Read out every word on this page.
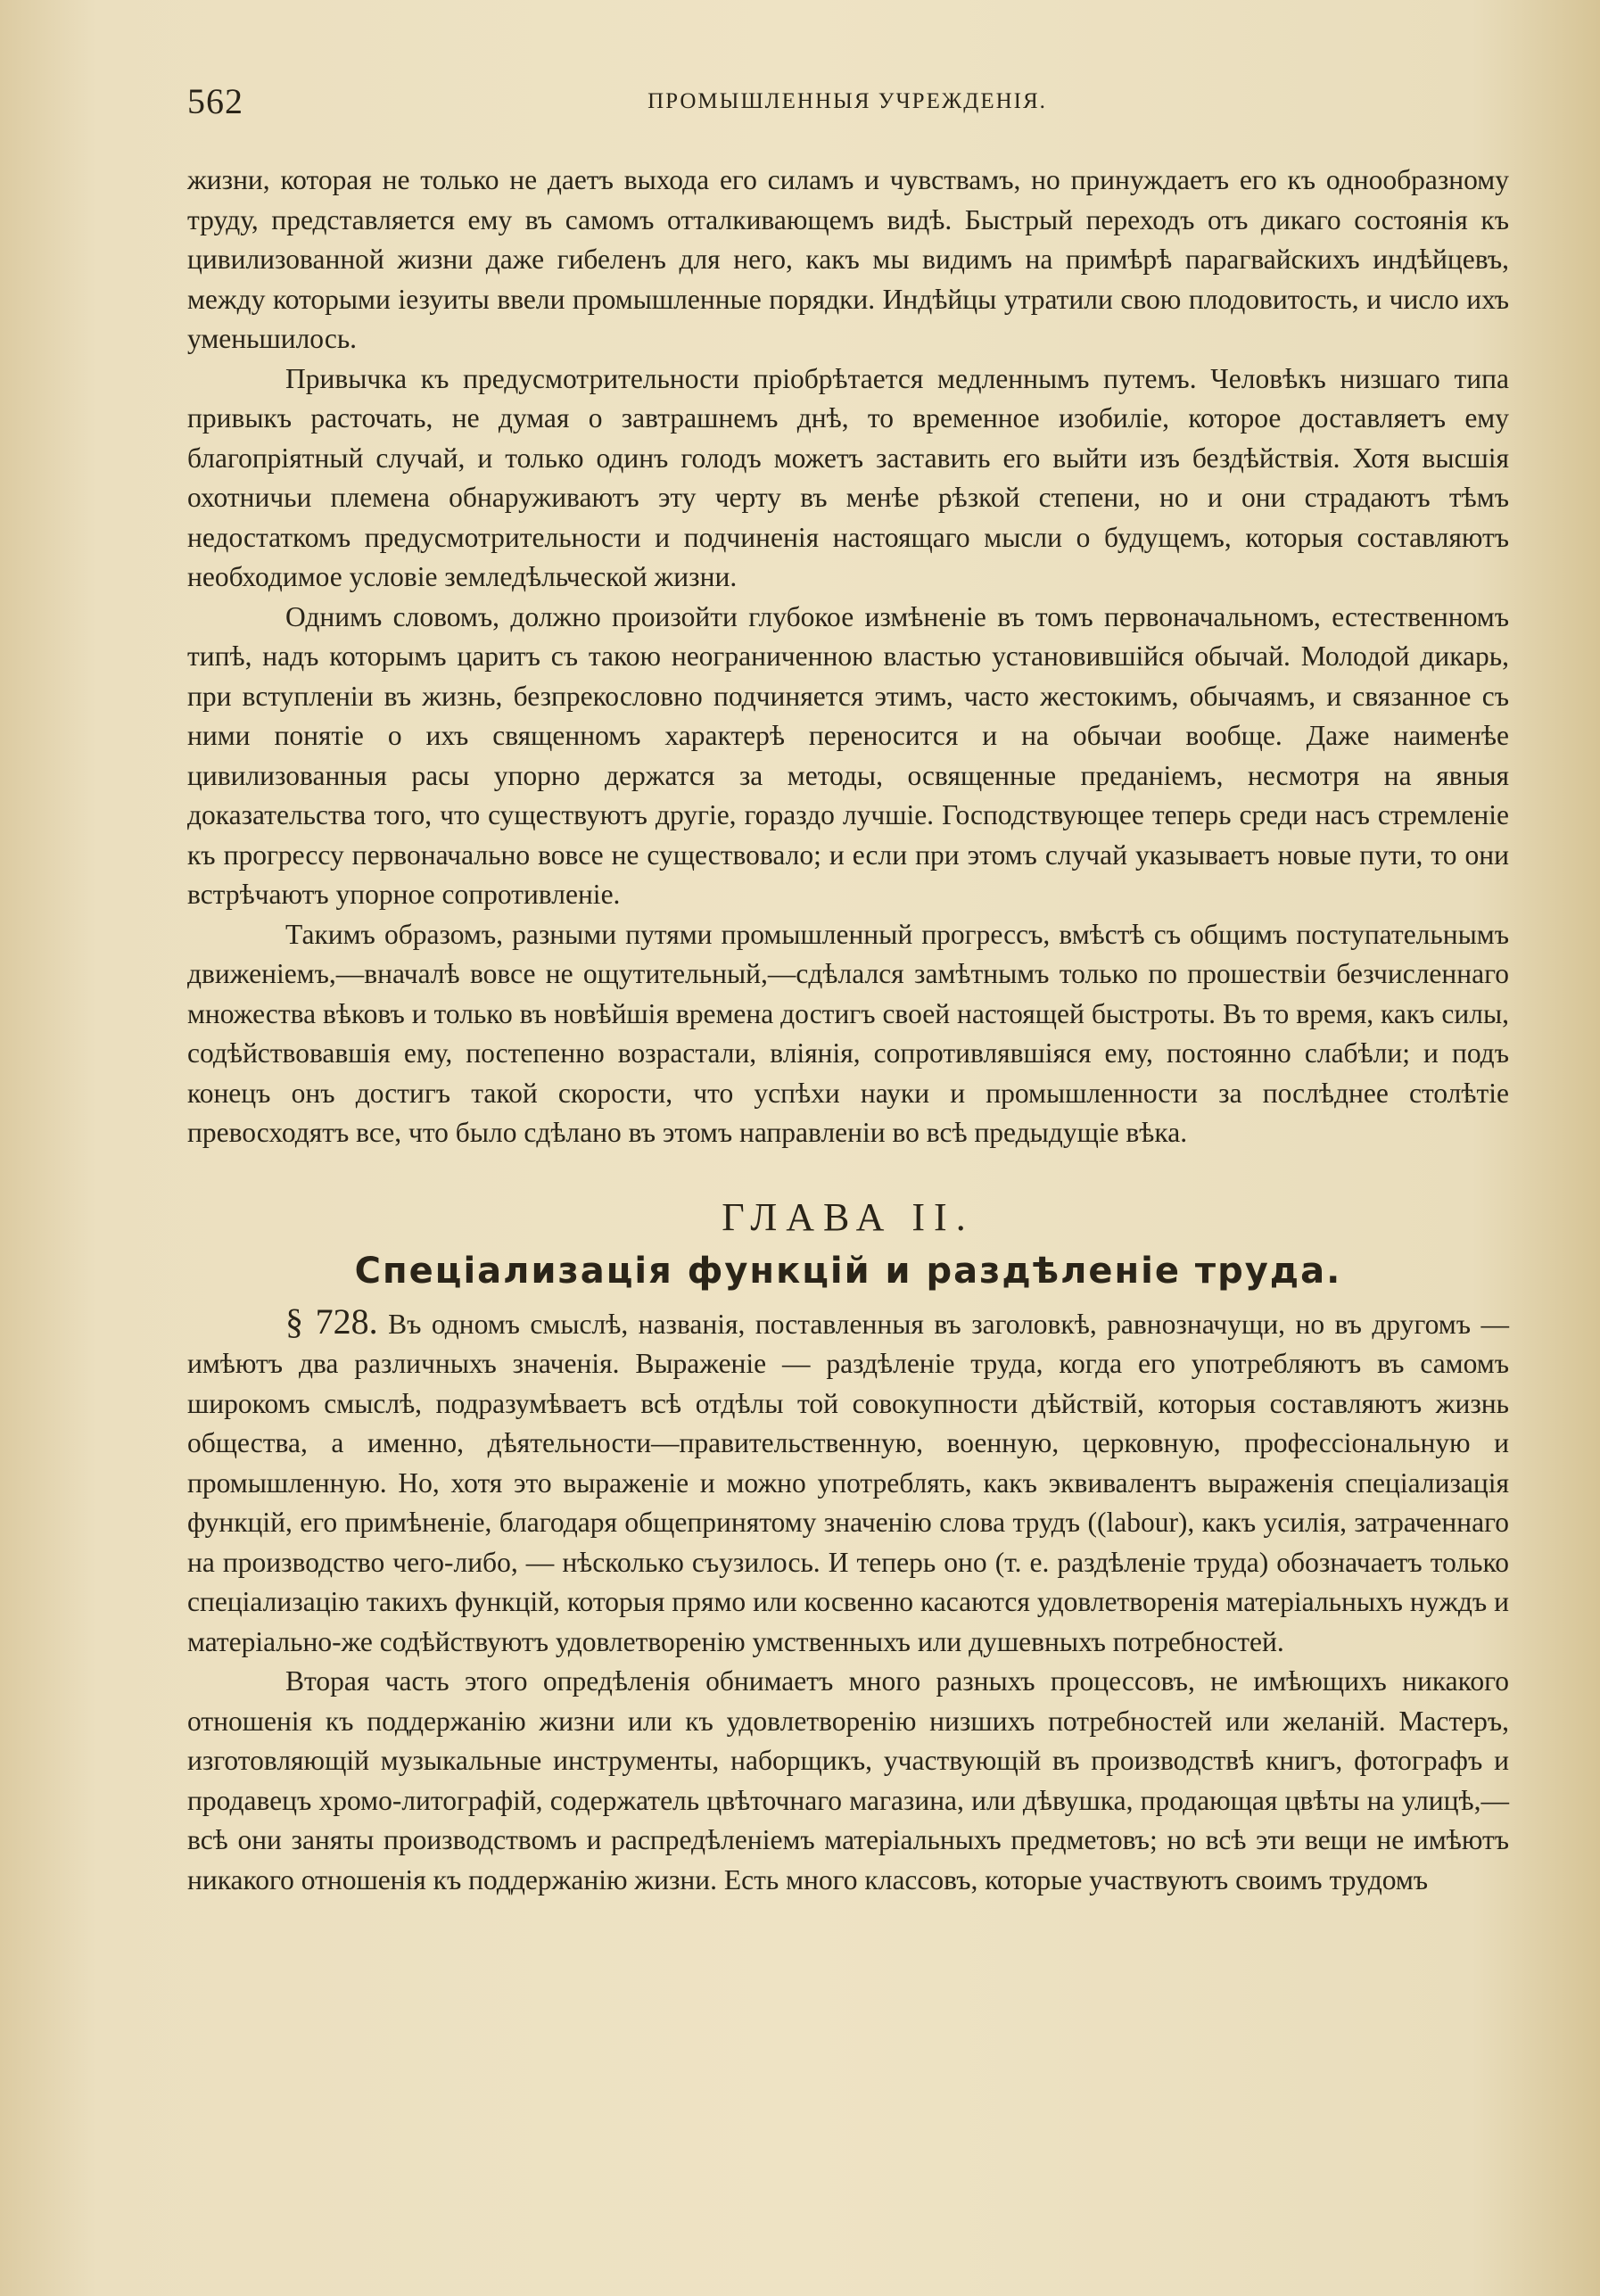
562	ПРОМЫШЛЕННЫЯ УЧРЕЖДЕНІЯ.

жизни, которая не только не даетъ выхода его силамъ и чувствамъ, но принуждаетъ его къ однообразному труду, представляется ему въ самомъ отталкивающемъ видѣ. Быстрый переходъ отъ дикаго состоянія къ цивилизованной жизни даже гибеленъ для него, какъ мы видимъ на примѣрѣ парагвайскихъ индѣйцевъ, между которыми іезуиты ввели промышленные порядки. Индѣйцы утратили свою плодовитость, и число ихъ уменьшилось.

Привычка къ предусмотрительности пріобрѣтается медленнымъ путемъ. Человѣкъ низшаго типа привыкъ расточать, не думая о завтрашнемъ днѣ, то временное изобиліе, которое доставляетъ ему благопріятный случай, и только одинъ голодъ можетъ заставить его выйти изъ бездѣйствія. Хотя высшія охотничьи племена обнаруживаютъ эту черту въ менѣе рѣзкой степени, но и они страдаютъ тѣмъ недостаткомъ предусмотрительности и подчиненія настоящаго мысли о будущемъ, которыя составляютъ необходимое условіе земледѣльческой жизни.

Однимъ словомъ, должно произойти глубокое измѣненіе въ томъ первоначальномъ, естественномъ типѣ, надъ которымъ царитъ съ такою неограниченною властью установившійся обычай. Молодой дикарь, при вступленіи въ жизнь, безпрекословно подчиняется этимъ, часто жестокимъ, обычаямъ, и связанное съ ними понятіе о ихъ священномъ характерѣ переносится и на обычаи вообще. Даже наименѣе цивилизованныя расы упорно держатся за методы, освященные преданіемъ, несмотря на явныя доказательства того, что существуютъ другіе, гораздо лучшіе. Господствующее теперь среди насъ стремленіе къ прогрессу первоначально вовсе не существовало; и если при этомъ случай указываетъ новые пути, то они встрѣчаютъ упорное сопротивленіе.

Такимъ образомъ, разными путями промышленный прогрессъ, вмѣстѣ съ общимъ поступательнымъ движеніемъ,—вначалѣ вовсе не ощутительный,—сдѣлался замѣтнымъ только по прошествіи безчисленнаго множества вѣковъ и только въ новѣйшія времена достигъ своей настоящей быстроты. Въ то время, какъ силы, содѣйствовавшія ему, постепенно возрастали, вліянія, сопротивлявшіяся ему, постоянно слабѣли; и подъ конецъ онъ достигъ такой скорости, что успѣхи науки и промышленности за послѣднее столѣтіе превосходятъ все, что было сдѣлано въ этомъ направленіи во всѣ предыдущіе вѣка.

ГЛАВА II.
Спеціализація функцій и раздѣленіе труда.

§ 728. Въ одномъ смыслѣ, названія, поставленныя въ заголовкѣ, равнозначущи, но въ другомъ — имѣютъ два различныхъ значенія. Выраженіе — раздѣленіе труда, когда его употребляютъ въ самомъ широкомъ смыслѣ, подразумѣваетъ всѣ отдѣлы той совокупности дѣйствій, которыя составляютъ жизнь общества, а именно, дѣятельности—правительственную, военную, церковную, профессіональную и промышленную. Но, хотя это выраженіе и можно употреблять, какъ эквивалентъ выраженія спеціализація функцій, его примѣненіе, благодаря общепринятому значенію слова трудъ ((labour), какъ усилія, затраченнаго на производство чего-либо, — нѣсколько съузилось. И теперь оно (т. е. раздѣленіе труда) обозначаетъ только спеціализацію такихъ функцій, которыя прямо или косвенно касаются удовлетворенія матеріальныхъ нуждъ и матеріально-же содѣйствуютъ удовлетворенію умственныхъ или душевныхъ потребностей.

Вторая часть этого опредѣленія обнимаетъ много разныхъ процессовъ, не имѣющихъ никакого отношенія къ поддержанію жизни или къ удовлетворенію низшихъ потребностей или желаній. Мастеръ, изготовляющій музыкальные инструменты, наборщикъ, участвующій въ производствѣ книгъ, фотографъ и продавецъ хромо-литографій, содержатель цвѣточнаго магазина, или дѣвушка, продающая цвѣты на улицѣ,—всѣ они заняты производствомъ и распредѣленіемъ матеріальныхъ предметовъ; но всѣ эти вещи не имѣютъ никакого отношенія къ поддержанію жизни. Есть много классовъ, которые участвуютъ своимъ трудомъ
